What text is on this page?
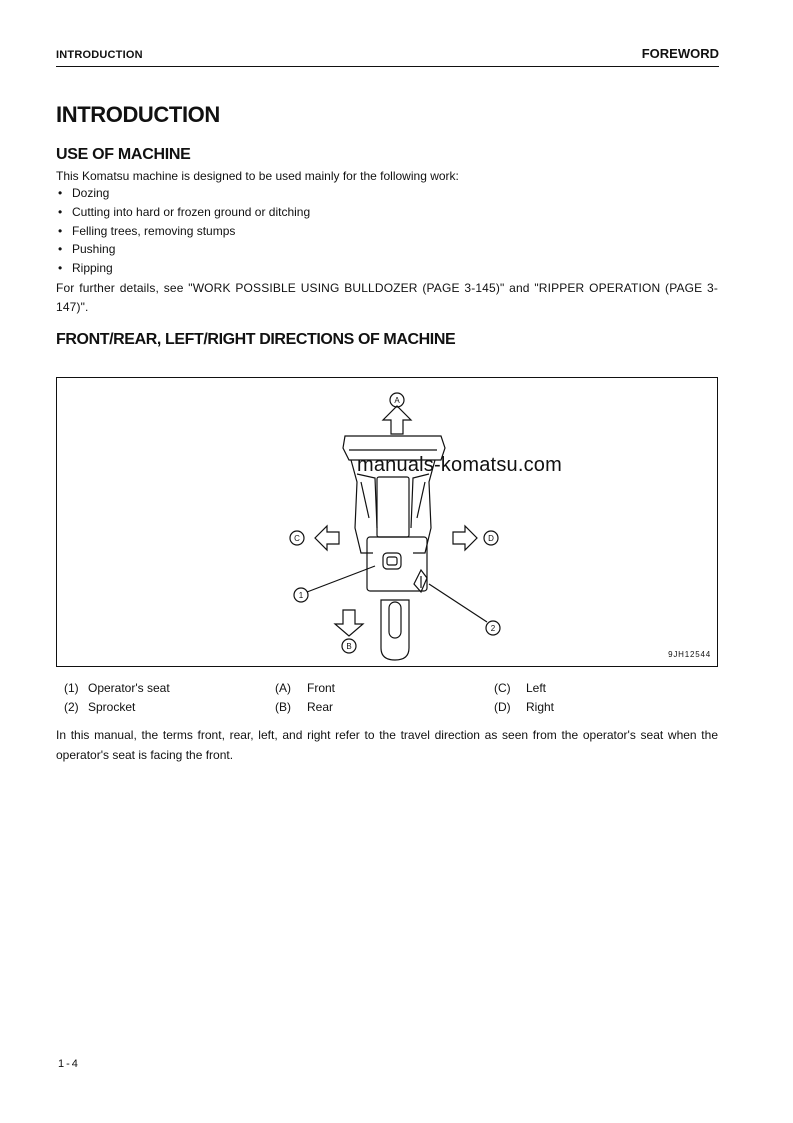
INTRODUCTION	FOREWORD
INTRODUCTION
USE OF MACHINE
This Komatsu machine is designed to be used mainly for the following work:
• Dozing
• Cutting into hard or frozen ground or ditching
• Felling trees, removing stumps
• Pushing
• Ripping
For further details, see "WORK POSSIBLE USING BULLDOZER (PAGE 3-145)" and "RIPPER OPERATION (PAGE 3-147)".
FRONT/REAR, LEFT/RIGHT DIRECTIONS OF MACHINE
A
B
C	D
1
2
manuals-komatsu.com
9JH12544
(1) Operator's seat
(2) Sprocket
(A) Front
(B) Rear
(C) Left
(D) Right
In this manual, the terms front, rear, left, and right refer to the travel direction as seen from the operator's seat when the operator's seat is facing the front.
1-4
